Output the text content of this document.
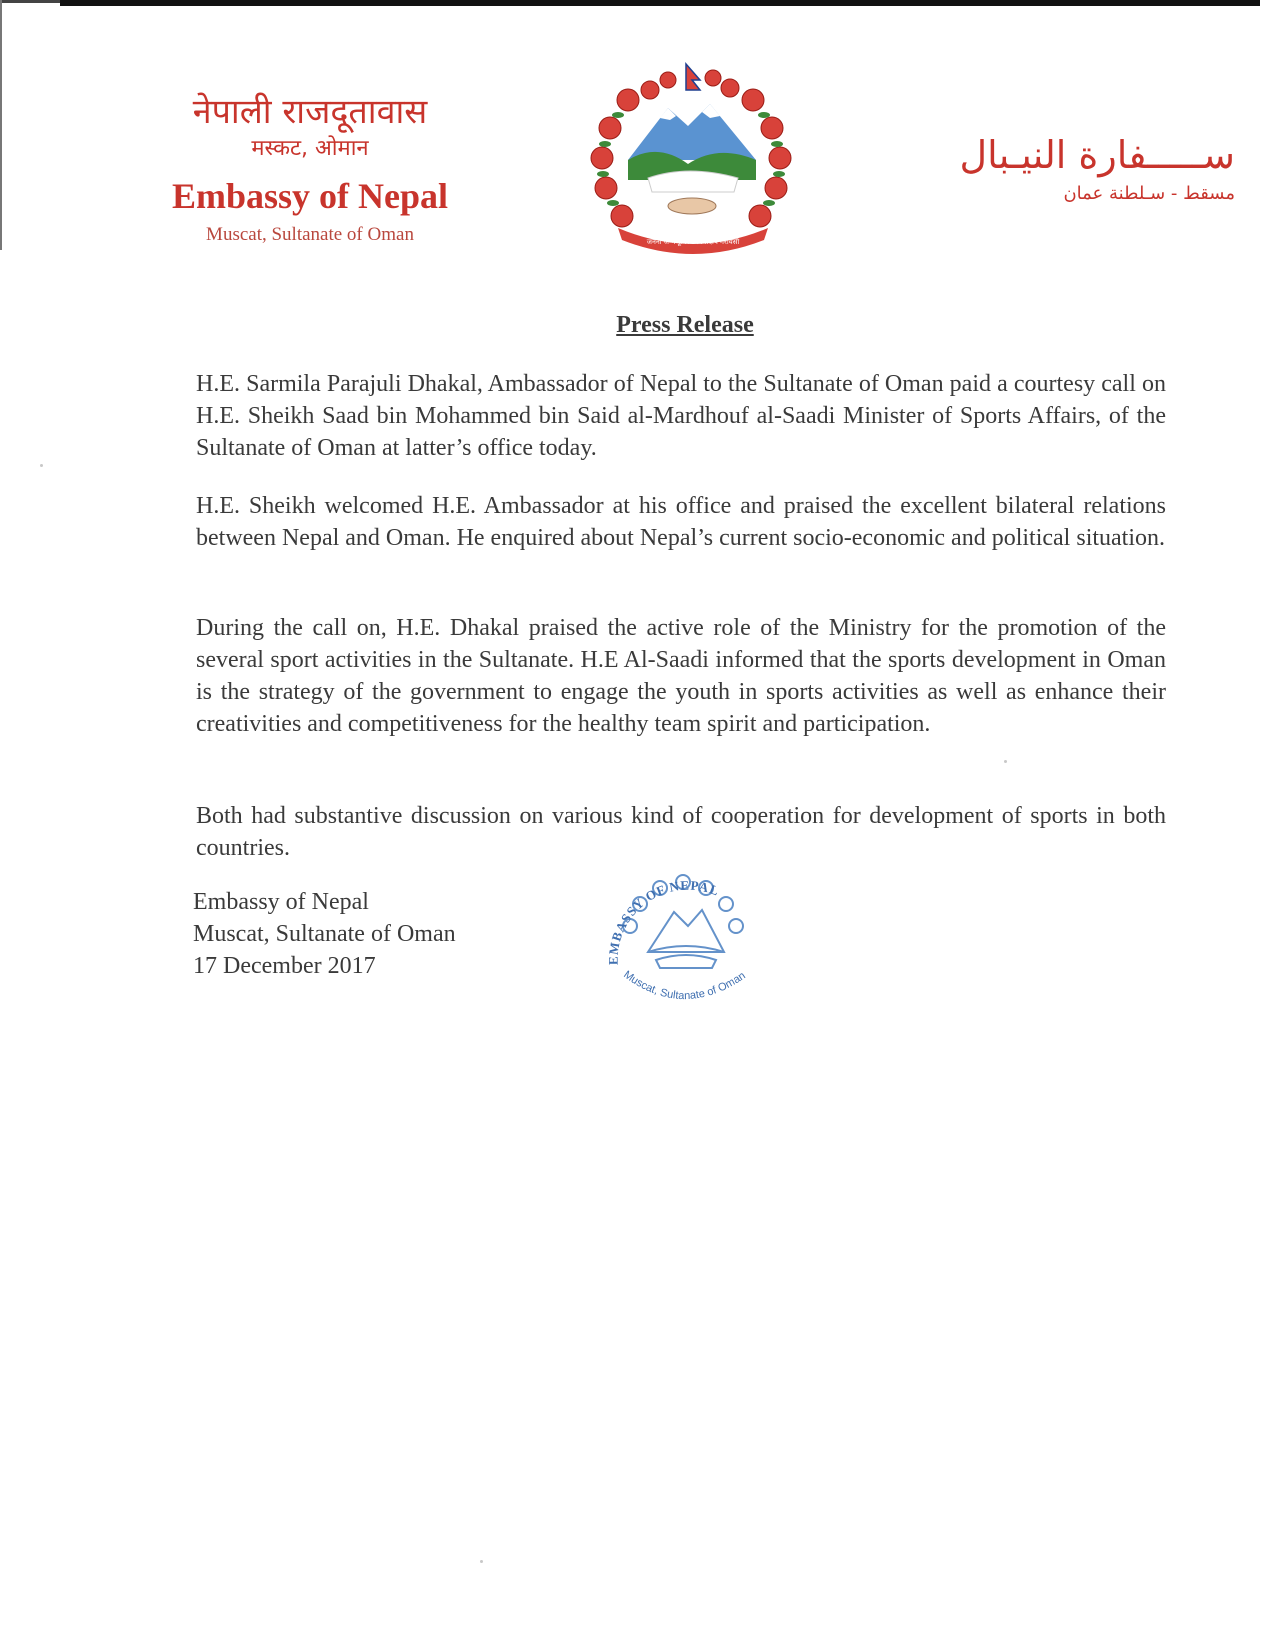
नेपाली राजदूतावास
मस्कट, ओमान
Embassy of Nepal
Muscat, Sultanate of Oman	जननी जन्मभूमिश्च स्वर्गादपि गरीयसी
ســـــفارة النيـبال
مسقط - سـلطنة عمان
Press Release
H.E. Sarmila Parajuli Dhakal, Ambassador of Nepal to the Sultanate of Oman paid a courtesy call on H.E. Sheikh Saad bin Mohammed bin Said al-Mardhouf al-Saadi Minister of Sports Affairs, of the Sultanate of Oman at latter’s office today.
H.E. Sheikh welcomed H.E. Ambassador at his office and praised the excellent bilateral relations between Nepal and Oman. He enquired about Nepal’s current socio-economic and political situation.
During the call on, H.E. Dhakal praised the active role of the Ministry for the promotion of the several sport activities in the Sultanate. H.E Al-Saadi informed that the sports development in Oman is the strategy of the government to engage the youth in sports activities as well as enhance their creativities and competitiveness for the healthy team spirit and participation.
Both had substantive discussion on various kind of cooperation for development of sports in both countries.
Embassy of Nepal
Muscat, Sultanate of Oman
17 December 2017	EMBASSY OF NEPAL
Muscat, Sultanate of Oman
